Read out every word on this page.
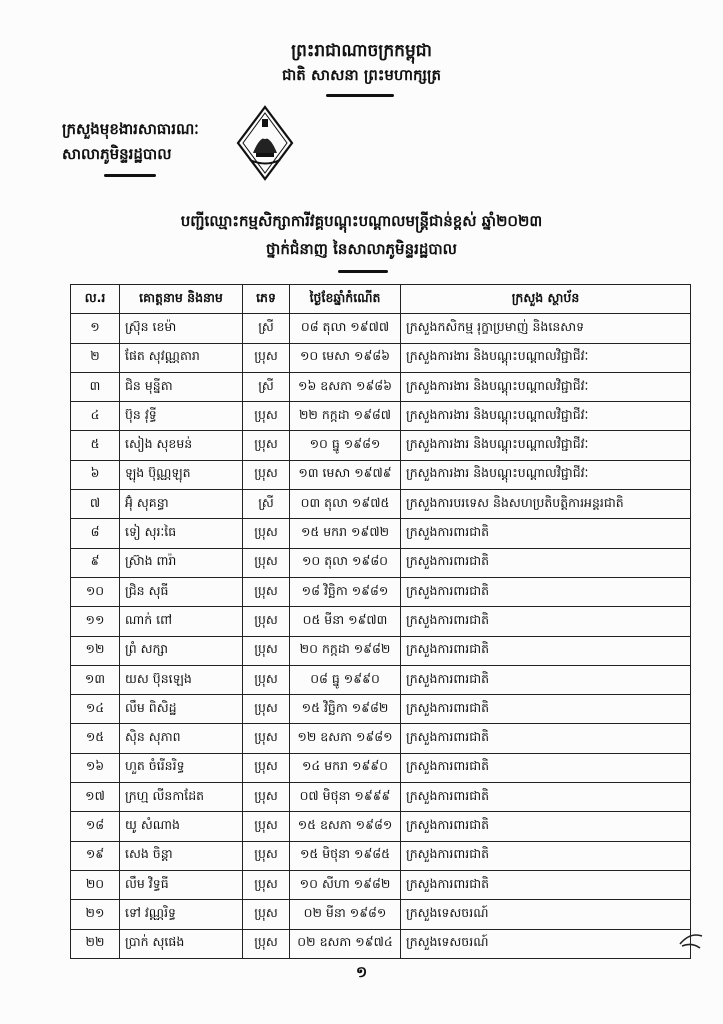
ព្រះរាជាណាចក្រកម្ពុជា
ជាតិ សាសនា ព្រះមហាក្សត្រ
ក្រសួងមុខងារសាធារណៈ
សាលាភូមិន្ទរដ្ឋបាល
បញ្ជីឈ្មោះកម្មសិក្សាការីវគ្គបណ្តុះបណ្តាលមន្ត្រីជាន់ខ្ពស់ ឆ្នាំ២០២៣
ថ្នាក់ជំនាញ នៃសាលាភូមិន្ទរដ្ឋបាល
ល.រ	គោត្តនាម និងនាម	ភេទ	ថ្ងៃខែឆ្នាំកំណើត	ក្រសួង ស្ថាប័ន
១	ស្រ៊ុន ខេម៉ា	ស្រី	០៨ តុលា ១៩៧៧	ក្រសួងកសិកម្ម រុក្ខាប្រមាញ់ និងនេសាទ
២	ផែត សុវណ្ណតារា	ប្រុស	១០ មេសា ១៩៨៦	ក្រសួងការងារ និងបណ្តុះបណ្តាលវិជ្ជាជីវៈ
៣	ជិន មុន្នីតា	ស្រី	១៦ ឧសភា ១៩៨៦	ក្រសួងការងារ និងបណ្តុះបណ្តាលវិជ្ជាជីវៈ
៤	ប៊ុន វុទ្ធី	ប្រុស	២២ កក្កដា ១៩៨៧	ក្រសួងការងារ និងបណ្តុះបណ្តាលវិជ្ជាជីវៈ
៥	សៀង សុខមន់	ប្រុស	១០ ធ្នូ ១៩៨១	ក្រសួងការងារ និងបណ្តុះបណ្តាលវិជ្ជាជីវៈ
៦	ឡុង ប៊ុណ្ណឡុត	ប្រុស	១៣ មេសា ១៩៧៩	ក្រសួងការងារ និងបណ្តុះបណ្តាលវិជ្ជាជីវៈ
៧	អ៊ុំ សុគន្ធា	ស្រី	០៣ តុលា ១៩៧៥	ក្រសួងការបរទេស និងសហប្រតិបត្តិការអន្តរជាតិ
៨	ទៀ សុរៈធៃ	ប្រុស	១៥ មករា ១៩៧២	ក្រសួងការពារជាតិ
៩	ស្រ៊ាង ពារ៉ា	ប្រុស	១០ តុលា ១៩៨០	ក្រសួងការពារជាតិ
១០	ជ្រិន សុធី	ប្រុស	១៨ វិច្ឆិកា ១៩៨១	ក្រសួងការពារជាតិ
១១	ណាក់ ពៅ	ប្រុស	០៥ មីនា ១៩៧៣	ក្រសួងការពារជាតិ
១២	ព្រំ សក្សា	ប្រុស	២០ កក្កដា ១៩៨២	ក្រសួងការពារជាតិ
១៣	យស ប៊ុនឡេង	ប្រុស	០៨ ធ្នូ ១៩៩០	ក្រសួងការពារជាតិ
១៤	លឹម ពិសិដ្ឋ	ប្រុស	១៥ វិច្ឆិកា ១៩៨២	ក្រសួងការពារជាតិ
១៥	ស៊ិន សុភាព	ប្រុស	១២ ឧសភា ១៩៨១	ក្រសួងការពារជាតិ
១៦	ហួត ចំរើនរិទ្ធ	ប្រុស	១៤ មករា ១៩៩០	ក្រសួងការពារជាតិ
១៧	ក្រហ្ម លីនកាដែត	ប្រុស	០៧ មិថុនា ១៩៩៩	ក្រសួងការពារជាតិ
១៨	យូ សំណាង	ប្រុស	១៥ ឧសភា ១៩៨១	ក្រសួងការពារជាតិ
១៩	សេង ចិន្តា	ប្រុស	១៥ មិថុនា ១៩៨៥	ក្រសួងការពារជាតិ
២០	លឹម វិទ្ធធី	ប្រុស	១០ សីហា ១៩៨២	ក្រសួងការពារជាតិ
២១	ទៅ វណ្ណរិទ្ធ	ប្រុស	០២ មីនា ១៩៨១	ក្រសួងទេសចរណ៍
២២	ប្រាក់ សុផេង	ប្រុស	០២ ឧសភា ១៩៧៤	ក្រសួងទេសចរណ៍
១
